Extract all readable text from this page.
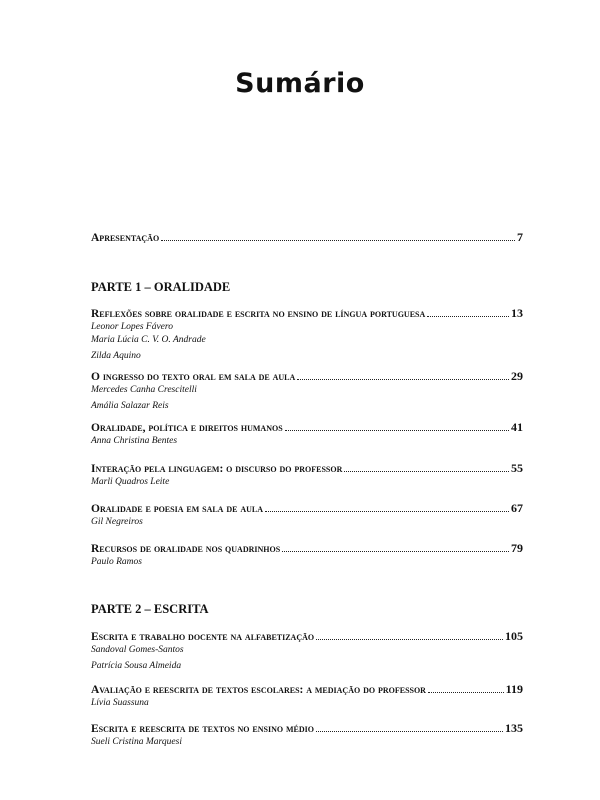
Sumário
Apresentação	7
PARTE 1 – ORALIDADE
Reflexões sobre oralidade e escrita no ensino de língua portuguesa	13
Leonor Lopes Fávero
Maria Lúcia C. V. O. Andrade
Zilda Aquino
O ingresso do texto oral em sala de aula	29
Mercedes Canha Crescitelli
Amália Salazar Reis
Oralidade, política e direitos humanos	41
Anna Christina Bentes
Interação pela linguagem: o discurso do professor	55
Marli Quadros Leite
Oralidade e poesia em sala de aula	67
Gil Negreiros
Recursos de oralidade nos quadrinhos	79
Paulo Ramos
PARTE 2 – ESCRITA
Escrita e trabalho docente na alfabetização	105
Sandoval Gomes-Santos
Patrícia Sousa Almeida
Avaliação e reescrita de textos escolares: a mediação do professor	119
Lívia Suassuna
Escrita e reescrita de textos no ensino médio	135
Sueli Cristina Marquesi
